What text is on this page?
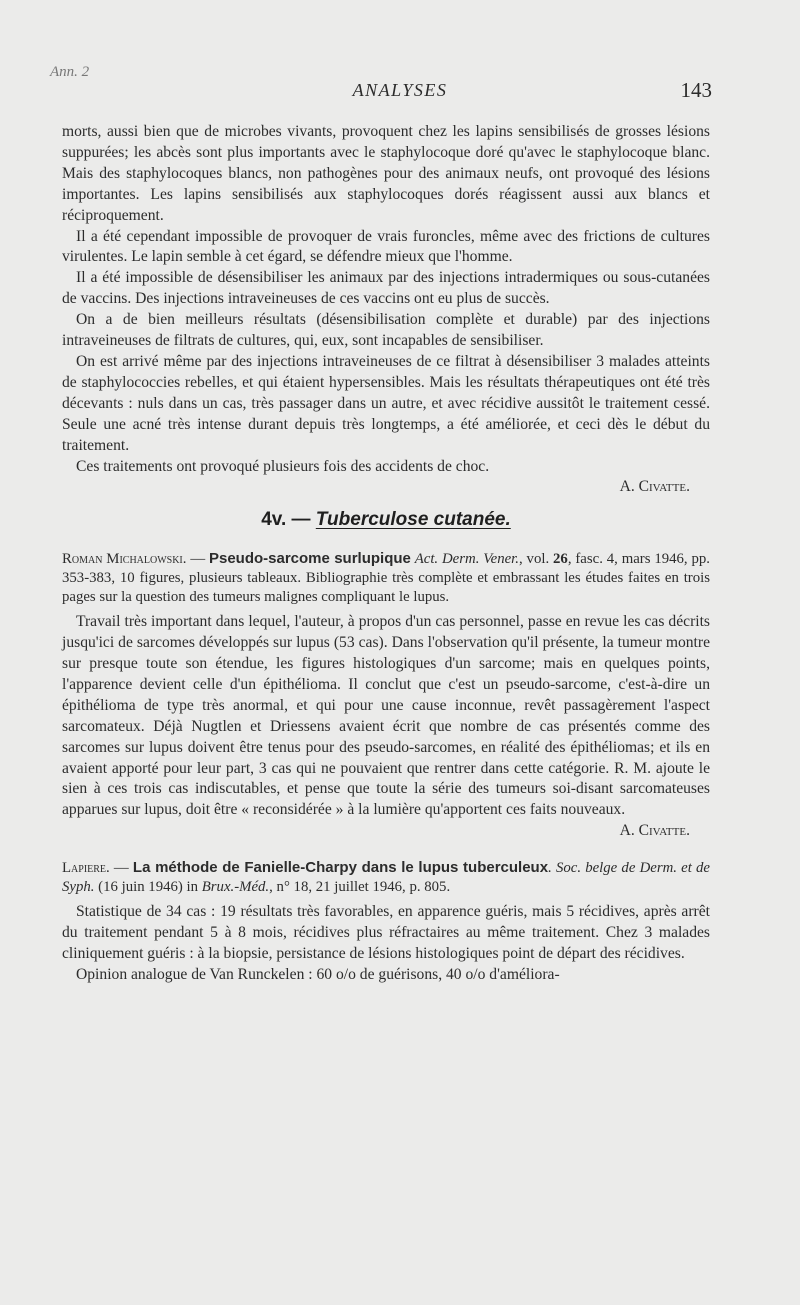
Ann. 2
ANALYSES	143

morts, aussi bien que de microbes vivants, provoquent chez les lapins sensibilisés de grosses lésions suppurées; les abcès sont plus importants avec le staphylocoque doré qu'avec le staphylocoque blanc. Mais des staphylocoques blancs, non pathogènes pour des animaux neufs, ont provoqué des lésions importantes. Les lapins sensibilisés aux staphylocoques dorés réagissent aussi aux blancs et réciproquement.

Il a été cependant impossible de provoquer de vrais furoncles, même avec des frictions de cultures virulentes. Le lapin semble à cet égard, se défendre mieux que l'homme.

Il a été impossible de désensibiliser les animaux par des injections intradermiques ou sous-cutanées de vaccins. Des injections intraveineuses de ces vaccins ont eu plus de succès.

On a de bien meilleurs résultats (désensibilisation complète et durable) par des injections intraveineuses de filtrats de cultures, qui, eux, sont incapables de sensibiliser.

On est arrivé même par des injections intraveineuses de ce filtrat à désensibiliser 3 malades atteints de staphylococcies rebelles, et qui étaient hypersensibles. Mais les résultats thérapeutiques ont été très décevants : nuls dans un cas, très passager dans un autre, et avec récidive aussitôt le traitement cessé. Seule une acné très intense durant depuis très longtemps, a été améliorée, et ceci dès le début du traitement.

Ces traitements ont provoqué plusieurs fois des accidents de choc.

A. Civatte.

4v. — Tuberculose cutanée.

Roman Michalowski. — Pseudo-sarcome surlupique Act. Derm. Vener., vol. 26, fasc. 4, mars 1946, pp. 353-383, 10 figures, plusieurs tableaux. Bibliographie très complète et embrassant les études faites en trois pages sur la question des tumeurs malignes compliquant le lupus.

Travail très important dans lequel, l'auteur, à propos d'un cas personnel, passe en revue les cas décrits jusqu'ici de sarcomes développés sur lupus (53 cas). Dans l'observation qu'il présente, la tumeur montre sur presque toute son étendue, les figures histologiques d'un sarcome; mais en quelques points, l'apparence devient celle d'un épithélioma. Il conclut que c'est un pseudo-sarcome, c'est-à-dire un épithélioma de type très anormal, et qui pour une cause inconnue, revêt passagèrement l'aspect sarcomateux. Déjà Nugtlen et Driessens avaient écrit que nombre de cas présentés comme des sarcomes sur lupus doivent être tenus pour des pseudo-sarcomes, en réalité des épithéliomas; et ils en avaient apporté pour leur part, 3 cas qui ne pouvaient que rentrer dans cette catégorie. R. M. ajoute le sien à ces trois cas indiscutables, et pense que toute la série des tumeurs soi-disant sarcomateuses apparues sur lupus, doit être « reconsidérée » à la lumière qu'apportent ces faits nouveaux.

A. Civatte.

Lapiere. — La méthode de Fanielle-Charpy dans le lupus tuberculeux. Soc. belge de Derm. et de Syph. (16 juin 1946) in Brux.-Méd., n° 18, 21 juillet 1946, p. 805.

Statistique de 34 cas : 19 résultats très favorables, en apparence guéris, mais 5 récidives, après arrêt du traitement pendant 5 à 8 mois, récidives plus réfractaires au même traitement. Chez 3 malades cliniquement guéris : à la biopsie, persistance de lésions histologiques point de départ des récidives.

Opinion analogue de Van Runckelen : 60 o/o de guérisons, 40 o/o d'améliora-
